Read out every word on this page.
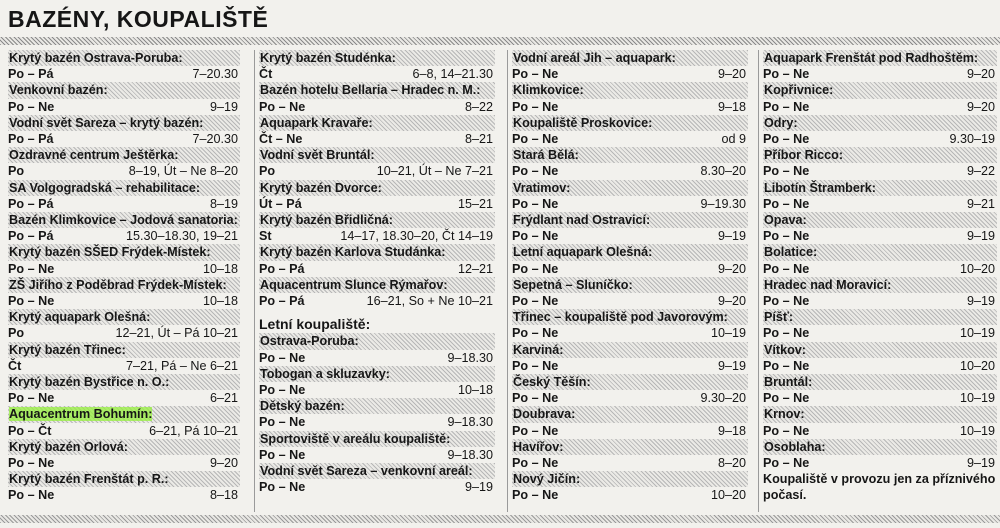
BAZÉNY, KOUPALIŠTĚ
Krytý bazén Ostrava-Poruba:
Po – Pá	7–20.30
Venkovní bazén:
Po – Ne	9–19
Vodní svět Sareza – krytý bazén:
Po – Pá	7–20.30
Ozdravné centrum Ještěrka:
Po	8–19, Út – Ne 8–20
SA Volgogradská – rehabilitace:
Po – Pá	8–19
Bazén Klimkovice – Jodová sanatoria:
Po – Pá	15.30–18.30, 19–21
Krytý bazén SŠED Frýdek-Místek:
Po – Ne	10–18
ZŠ Jiřího z Poděbrad Frýdek-Místek:
Po – Ne	10–18
Krytý aquapark Olešná:
Po	12–21, Út – Pá 10–21
Krytý bazén Třinec:
Čt	7–21, Pá – Ne 6–21
Krytý bazén Bystřice n. O.:
Po – Ne	6–21
Aquacentrum Bohumín:
Po – Čt	6–21, Pá 10–21
Krytý bazén Orlová:
Po – Ne	9–20
Krytý bazén Frenštát p. R.:
Po – Ne	8–18
Krytý bazén Studénka:
Čt	6–8, 14–21.30
Bazén hotelu Bellaria – Hradec n. M.:
Po – Ne	8–22
Aquapark Kravaře:
Čt – Ne	8–21
Vodní svět Bruntál:
Po	10–21, Út – Ne 7–21
Krytý bazén Dvorce:
Út – Pá	15–21
Krytý bazén Břidličná:
St	14–17, 18.30–20, Čt 14–19
Krytý bazén Karlova Studánka:
Po – Pá	12–21
Aquacentrum Slunce Rýmařov:
Po – Pá	16–21, So + Ne 10–21
Letní koupaliště:
Ostrava-Poruba:
Po – Ne	9–18.30
Tobogan a skluzavky:
Po – Ne	10–18
Dětský bazén:
Po – Ne	9–18.30
Sportoviště v areálu koupaliště:
Po – Ne	9–18.30
Vodní svět Sareza – venkovní areál:
Po – Ne	9–19
Vodní areál Jih – aquapark:
Po – Ne	9–20
Klimkovice:
Po – Ne	9–18
Koupaliště Proskovice:
Po – Ne	od 9
Stará Bělá:
Po – Ne	8.30–20
Vratimov:
Po – Ne	9–19.30
Frýdlant nad Ostravicí:
Po – Ne	9–19
Letní aquapark Olešná:
Po – Ne	9–20
Sepetná – Sluníčko:
Po – Ne	9–20
Třinec – koupaliště pod Javorovým:
Po – Ne	10–19
Karviná:
Po – Ne	9–19
Český Těšín:
Po – Ne	9.30–20
Doubrava:
Po – Ne	9–18
Havířov:
Po – Ne	8–20
Nový Jičín:
Po – Ne	10–20
Aquapark Frenštát pod Radhoštěm:
Po – Ne	9–20
Kopřivnice:
Po – Ne	9–20
Odry:
Po – Ne	9.30–19
Příbor Ricco:
Po – Ne	9–22
Libotín Štramberk:
Po – Ne	9–21
Opava:
Po – Ne	9–19
Bolatice:
Po – Ne	10–20
Hradec nad Moravicí:
Po – Ne	9–19
Píšť:
Po – Ne	10–19
Vítkov:
Po – Ne	10–20
Bruntál:
Po – Ne	10–19
Krnov:
Po – Ne	10–19
Osoblaha:
Po – Ne	9–19
Koupaliště v provozu jen za příznivého počasí.
